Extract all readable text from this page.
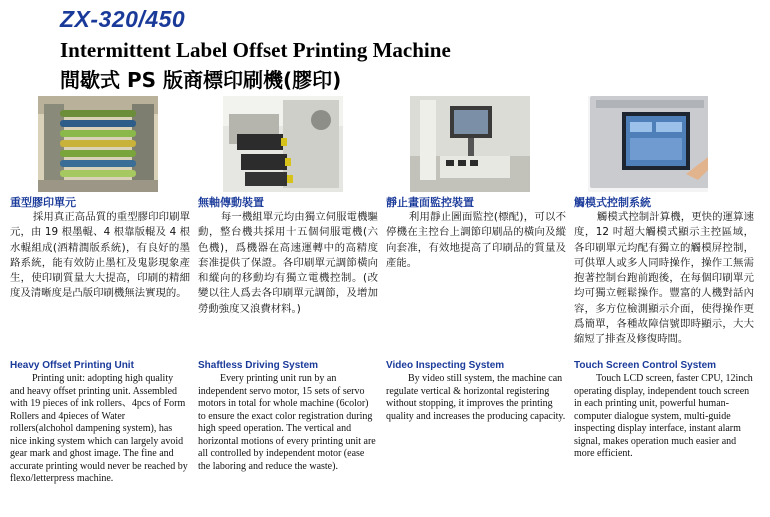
ZX-320/450
Intermittent Label Offset Printing Machine
間歇式 PS 版商標印刷機(膠印)
重型膠印單元

採用真正高品質的重型膠印印刷單元，由 19 根墨輥、4 根靠版輥及 4 根水輥組成(酒精潤版系統)，有良好的墨路系統，能有效防止墨杠及鬼影現象產生，使印刷質量大大提高，印刷的精細度及清晰度是凸版印刷機無法實現的。

Heavy Offset Printing Unit

Printing unit: adopting high quality and heavy offset printing unit. Assembled with 19 pieces of ink rollers、4pcs of Form Rollers and 4pieces of Water rollers(alchohol dampening system), has nice inking system which can largely avoid gear mark and ghost image. The fine and accurate printing would never be reached by flexo/letterpress machine.

無軸傳動裝置

每一機組單元均由獨立伺服電機驅動，整台機共採用十五個伺服電機(六色機)，爲機器在高速運轉中的高精度套准提供了保證。各印刷單元調節橫向和縱向的移動均有獨立電機控制。(改變以往人爲去各印刷單元調節，及增加勞動強度又浪費材料。)

Shaftless Driving System

Every printing unit run by an independent servo motor, 15 sets of servo motors in total for whole machine (6color) to ensure the exact color registration during high speed operation. The vertical and horizontal motions of every printing unit are all controlled by independent motor (ease the laboring and reduce the waste).

靜止畫面監控裝置

利用靜止圖面監控(標配)，可以不停機在主控台上調節印刷品的橫向及縱向套准，有效地提高了印刷品的質量及產能。

Video Inspecting System

By video still system, the machine can regulate vertical & horizontal registering without stopping, it improves the printing quality and increases the producing capacity.

觸模式控制系統

觸模式控制計算機，更快的運算速度，12 吋超大觸模式顯示主控區域，各印刷單元均配有獨立的觸模屏控制，可供單人或多人同時操作，操作工無需抱著控制台跑前跑後，在每個印刷單元均可獨立輕鬆操作。豐富的人機對話內容，多方位檢測顯示介面，使得操作更爲簡單，各種故障信號即時顯示，大大縮短了排查及修復時間。

Touch Screen Control System

Touch LCD screen, faster CPU, 12inch operating display, independent touch screen in each printing unit, powerful human-computer dialogue system, multi-guide inspecting display interface, instant alarm signal, makes operation much easier and more efficient.
